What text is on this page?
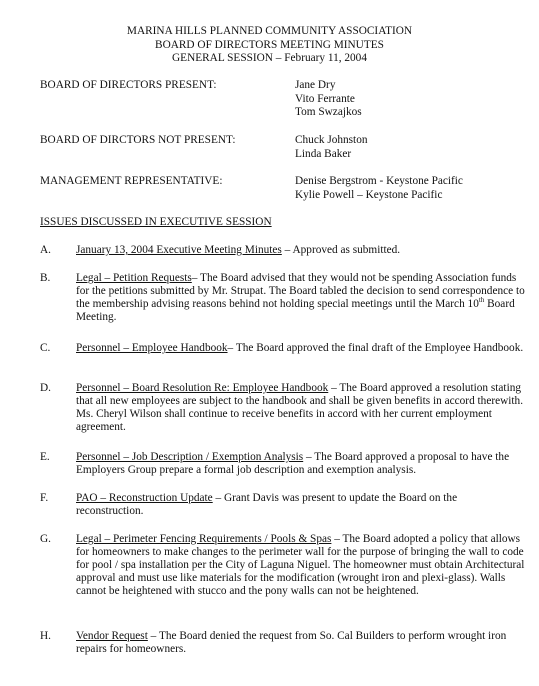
MARINA HILLS PLANNED COMMUNITY ASSOCIATION
BOARD OF DIRECTORS MEETING MINUTES
GENERAL SESSION – February 11, 2004
BOARD OF DIRECTORS PRESENT:	Jane Dry
Vito Ferrante
Tom Swzajkos
BOARD OF DIRCTORS NOT PRESENT:	Chuck Johnston
Linda Baker
MANAGEMENT REPRESENTATIVE:	Denise Bergstrom - Keystone Pacific
Kylie Powell – Keystone Pacific
ISSUES DISCUSSED IN EXECUTIVE SESSION
A. January 13, 2004 Executive Meeting Minutes – Approved as submitted.
B. Legal – Petition Requests– The Board advised that they would not be spending Association funds for the petitions submitted by Mr. Strupat. The Board tabled the decision to send correspondence to the membership advising reasons behind not holding special meetings until the March 10th Board Meeting.
C. Personnel – Employee Handbook– The Board approved the final draft of the Employee Handbook.
D. Personnel – Board Resolution Re: Employee Handbook – The Board approved a resolution stating that all new employees are subject to the handbook and shall be given benefits in accord therewith. Ms. Cheryl Wilson shall continue to receive benefits in accord with her current employment agreement.
E. Personnel – Job Description / Exemption Analysis – The Board approved a proposal to have the Employers Group prepare a formal job description and exemption analysis.
F. PAO – Reconstruction Update – Grant Davis was present to update the Board on the reconstruction.
G. Legal – Perimeter Fencing Requirements / Pools & Spas – The Board adopted a policy that allows for homeowners to make changes to the perimeter wall for the purpose of bringing the wall to code for pool / spa installation per the City of Laguna Niguel. The homeowner must obtain Architectural approval and must use like materials for the modification (wrought iron and plexi-glass). Walls cannot be heightened with stucco and the pony walls can not be heightened.
H. Vendor Request – The Board denied the request from So. Cal Builders to perform wrought iron repairs for homeowners.
